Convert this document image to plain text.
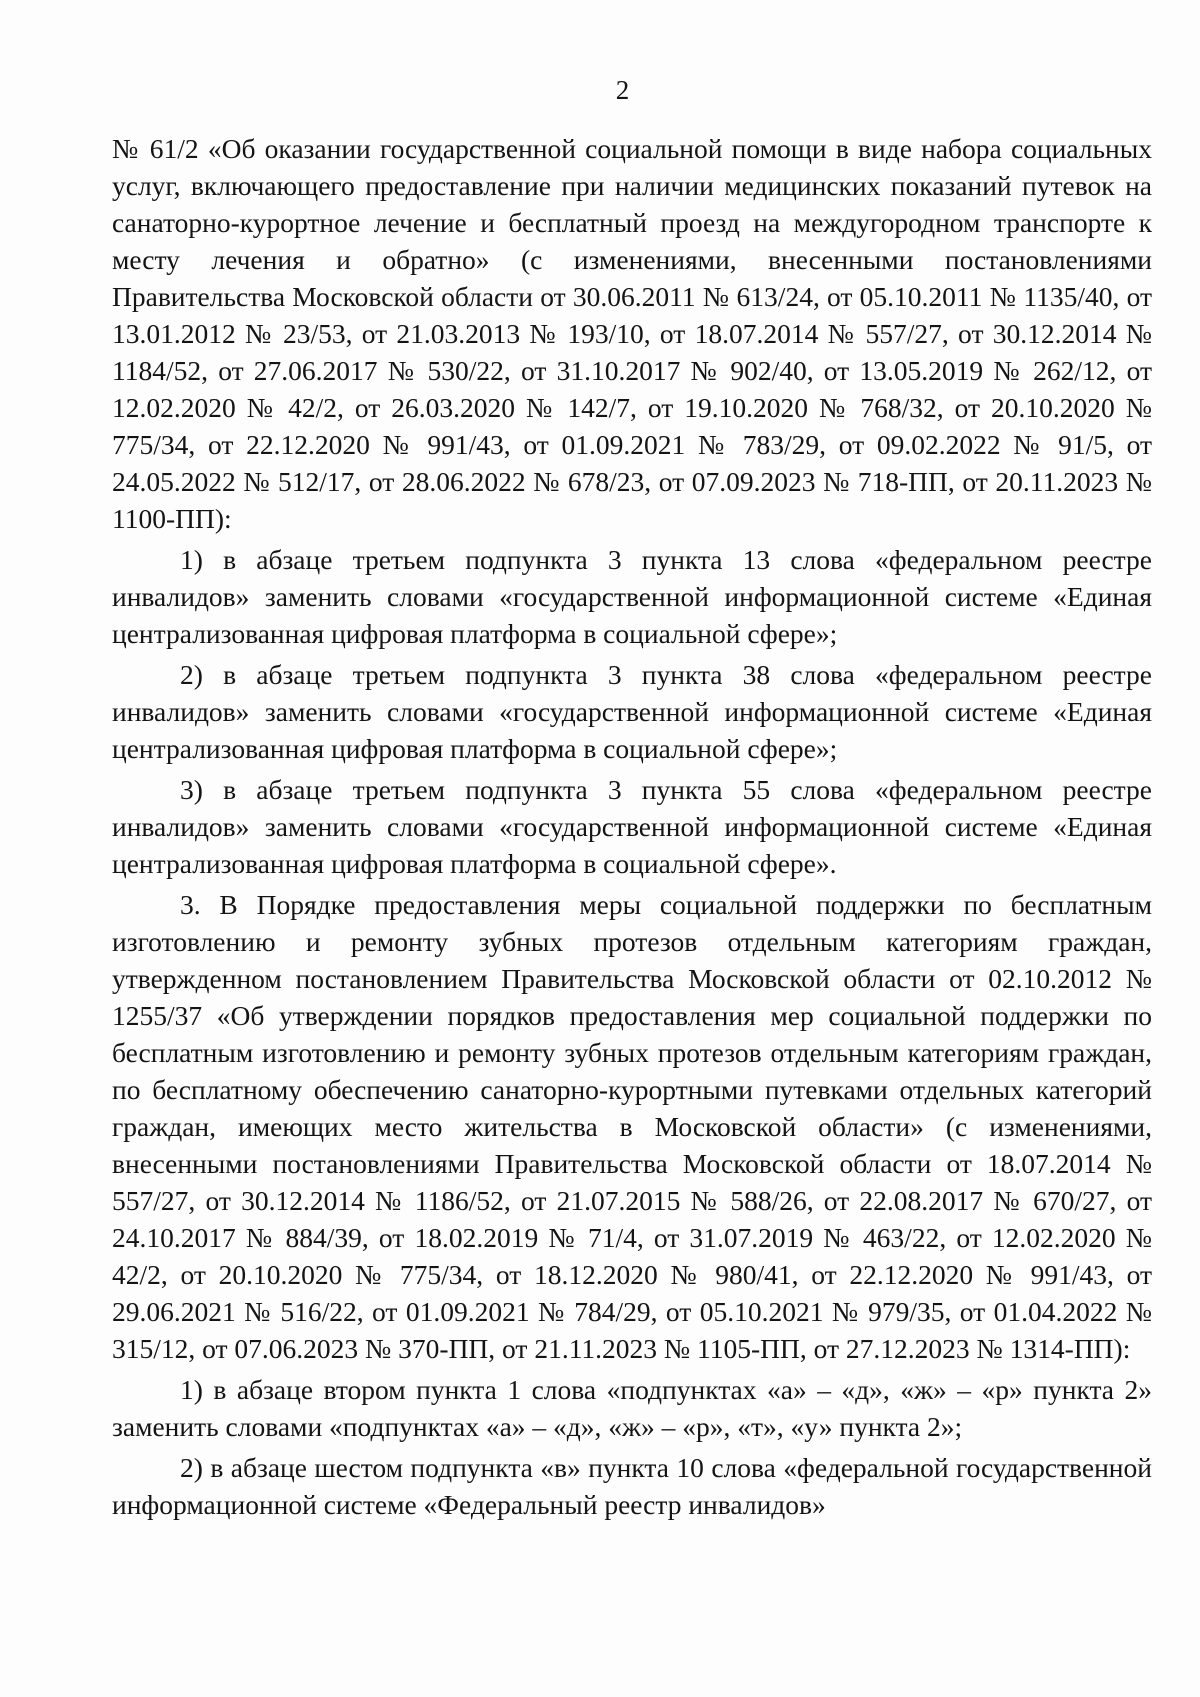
2

№ 61/2 «Об оказании государственной социальной помощи в виде набора социальных услуг, включающего предоставление при наличии медицинских показаний путевок на санаторно-курортное лечение и бесплатный проезд на междугородном транспорте к месту лечения и обратно» (с изменениями, внесенными постановлениями Правительства Московской области от 30.06.2011 № 613/24, от 05.10.2011 № 1135/40, от 13.01.2012 № 23/53, от 21.03.2013 № 193/10, от 18.07.2014 № 557/27, от 30.12.2014 № 1184/52, от 27.06.2017 № 530/22, от 31.10.2017 № 902/40, от 13.05.2019 № 262/12, от 12.02.2020 № 42/2, от 26.03.2020 № 142/7, от 19.10.2020 № 768/32, от 20.10.2020 № 775/34, от 22.12.2020 № 991/43, от 01.09.2021 № 783/29, от 09.02.2022 № 91/5, от 24.05.2022 № 512/17, от 28.06.2022 № 678/23, от 07.09.2023 № 718-ПП, от 20.11.2023 № 1100-ПП):

1) в абзаце третьем подпункта 3 пункта 13 слова «федеральном реестре инвалидов» заменить словами «государственной информационной системе «Единая централизованная цифровая платформа в социальной сфере»;

2) в абзаце третьем подпункта 3 пункта 38 слова «федеральном реестре инвалидов» заменить словами «государственной информационной системе «Единая централизованная цифровая платформа в социальной сфере»;

3) в абзаце третьем подпункта 3 пункта 55 слова «федеральном реестре инвалидов» заменить словами «государственной информационной системе «Единая централизованная цифровая платформа в социальной сфере».

3. В Порядке предоставления меры социальной поддержки по бесплатным изготовлению и ремонту зубных протезов отдельным категориям граждан, утвержденном постановлением Правительства Московской области от 02.10.2012 № 1255/37 «Об утверждении порядков предоставления мер социальной поддержки по бесплатным изготовлению и ремонту зубных протезов отдельным категориям граждан, по бесплатному обеспечению санаторно-курортными путевками отдельных категорий граждан, имеющих место жительства в Московской области» (с изменениями, внесенными постановлениями Правительства Московской области от 18.07.2014 № 557/27, от 30.12.2014 № 1186/52, от 21.07.2015 № 588/26, от 22.08.2017 № 670/27, от 24.10.2017 № 884/39, от 18.02.2019 № 71/4, от 31.07.2019 № 463/22, от 12.02.2020 № 42/2, от 20.10.2020 № 775/34, от 18.12.2020 № 980/41, от 22.12.2020 № 991/43, от 29.06.2021 № 516/22, от 01.09.2021 № 784/29, от 05.10.2021 № 979/35, от 01.04.2022 № 315/12, от 07.06.2023 № 370-ПП, от 21.11.2023 № 1105-ПП, от 27.12.2023 № 1314-ПП):

1) в абзаце втором пункта 1 слова «подпунктах «а» – «д», «ж» – «р» пункта 2» заменить словами «подпунктах «а» – «д», «ж» – «р», «т», «у» пункта 2»;

2) в абзаце шестом подпункта «в» пункта 10 слова «федеральной государственной информационной системе «Федеральный реестр инвалидов»
